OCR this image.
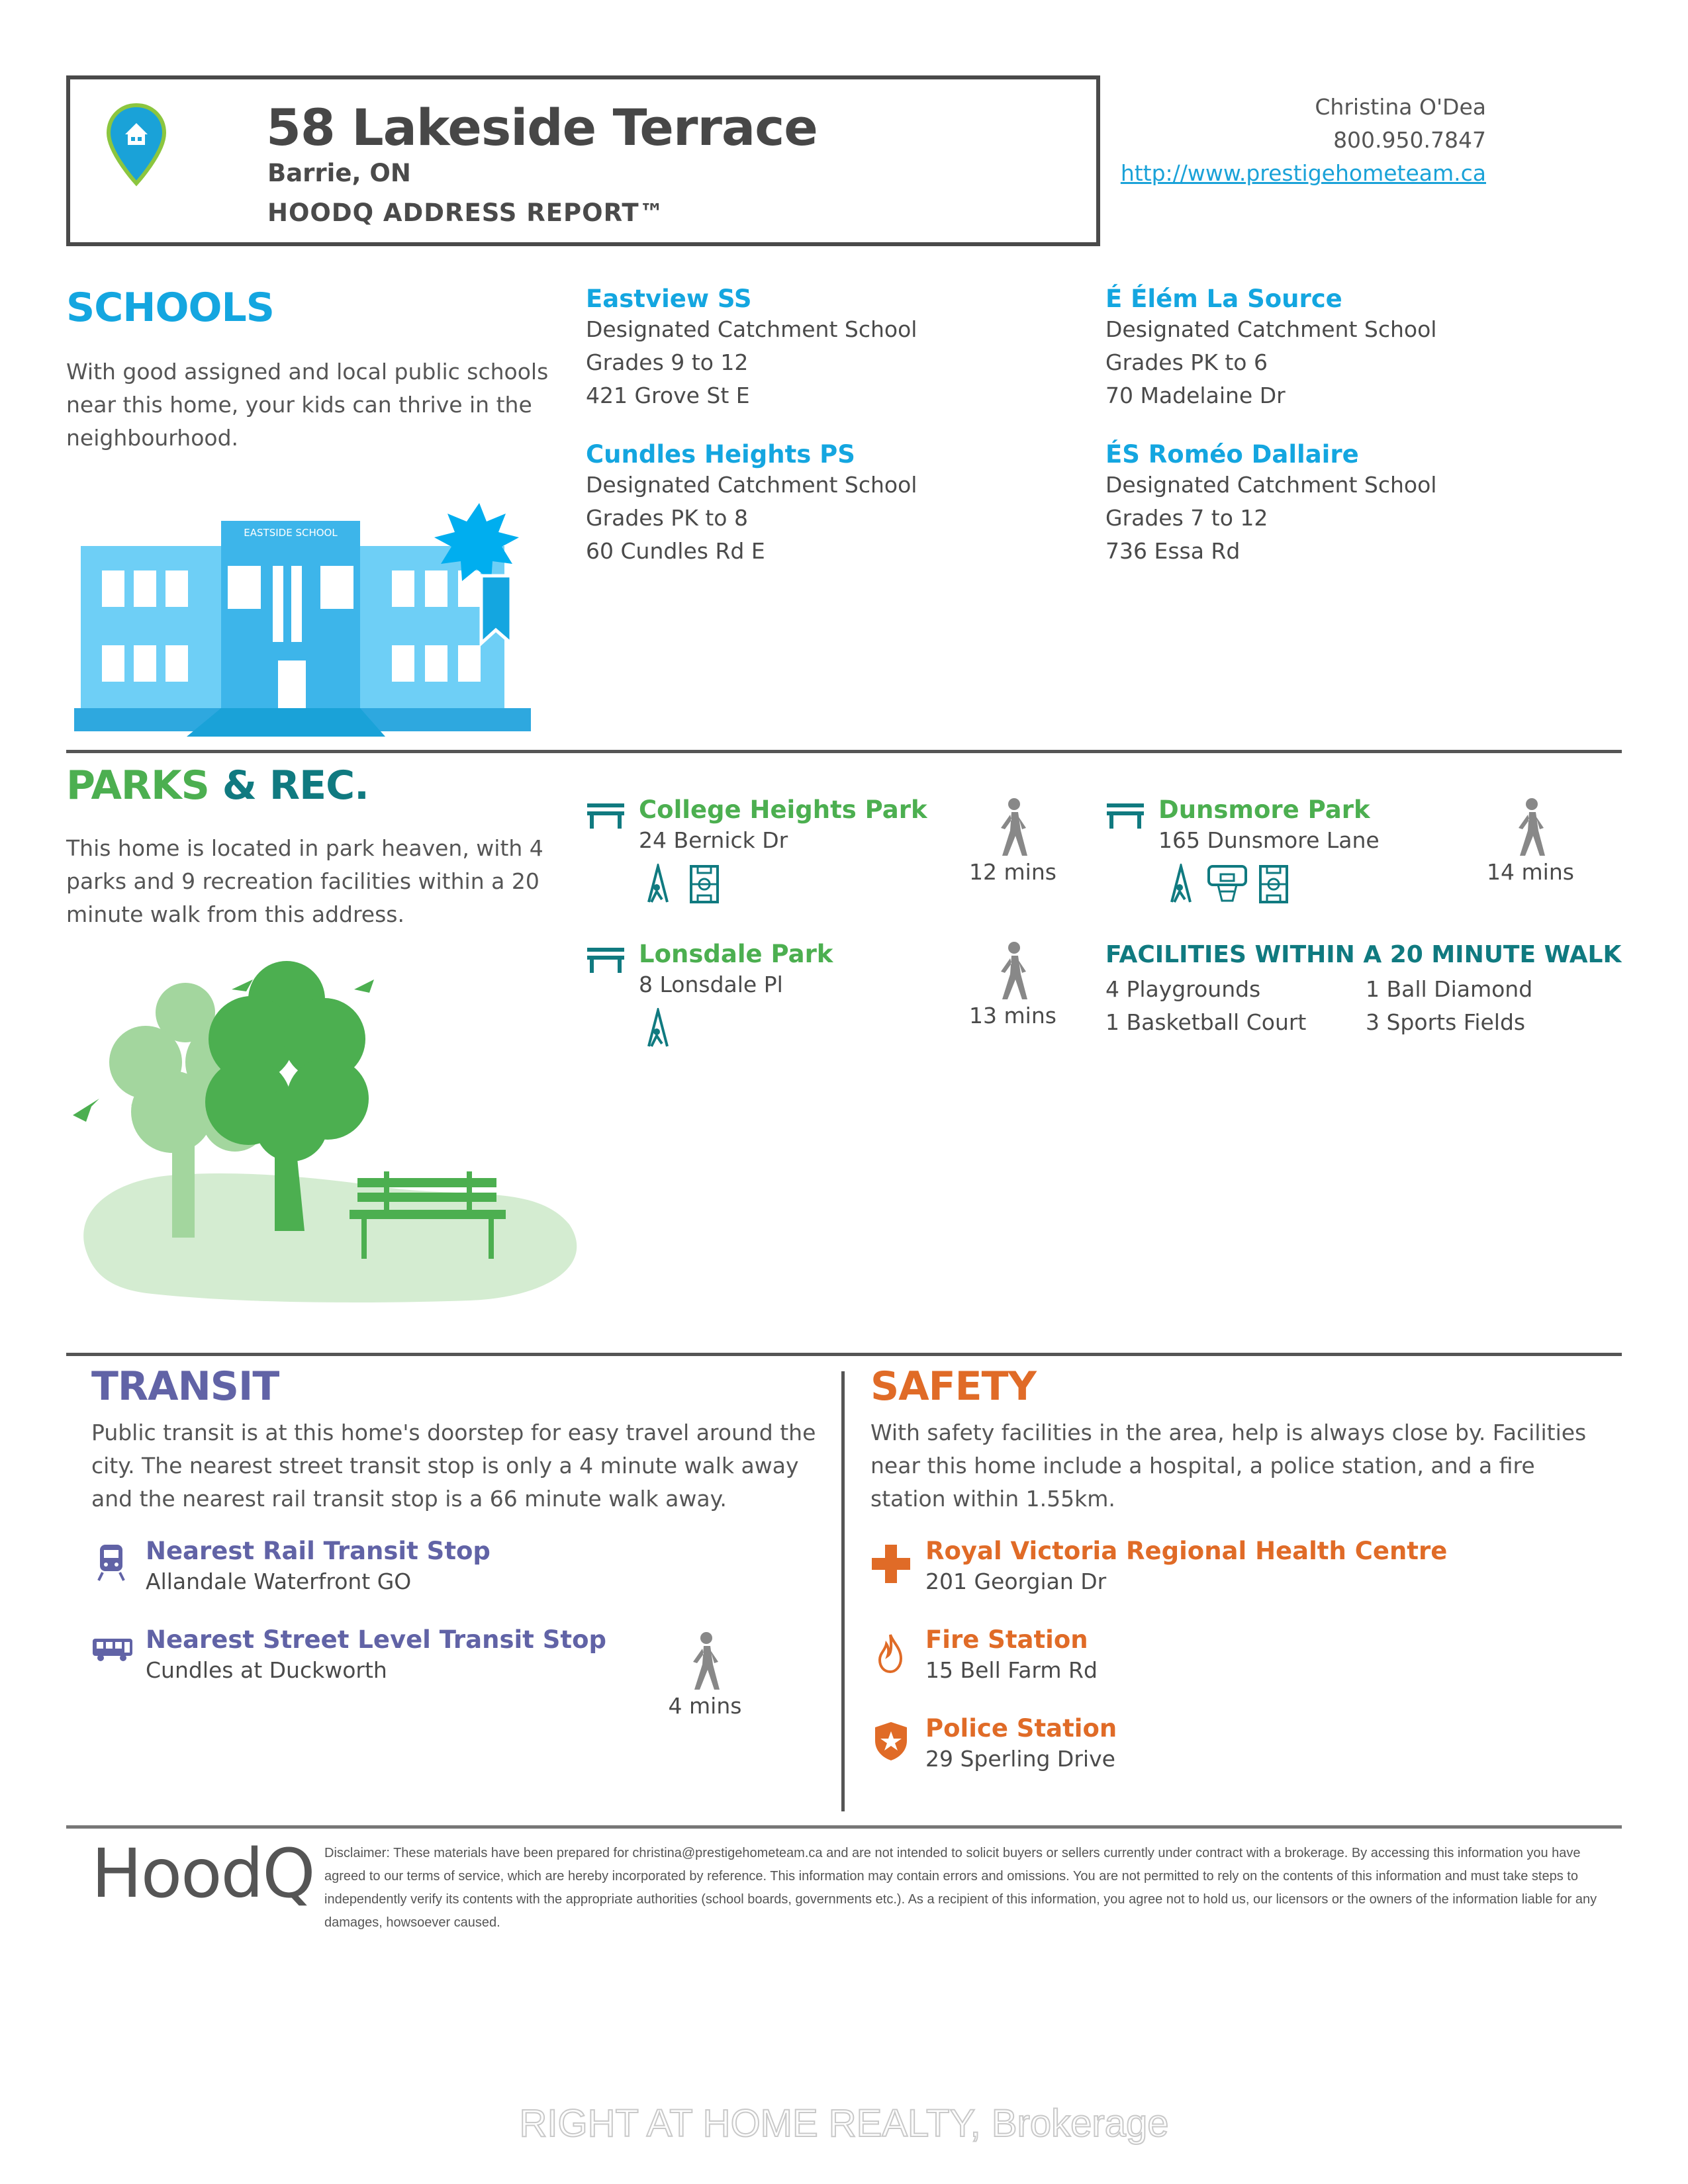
58 Lakeside Terrace
Barrie, ON
HOODQ ADDRESS REPORT™
Christina O'Dea
800.950.7847
http://www.prestigehometeam.ca
SCHOOLS
With good assigned and local public schools near this home, your kids can thrive in the neighbourhood.
EASTSIDE SCHOOL
Eastview SS
Designated Catchment School
Grades 9 to 12
421 Grove St E
É Élém La Source
Designated Catchment School
Grades PK to 6
70 Madelaine Dr
Cundles Heights PS
Designated Catchment School
Grades PK to 8
60 Cundles Rd E
ÉS Roméo Dallaire
Designated Catchment School
Grades 7 to 12
736 Essa Rd
PARKS & REC.
This home is located in park heaven, with 4 parks and 9 recreation facilities within a 20 minute walk from this address.
College Heights Park
24 Bernick Dr
12 mins
Dunsmore Park
165 Dunsmore Lane
14 mins
Lonsdale Park
8 Lonsdale Pl
13 mins
FACILITIES WITHIN A 20 MINUTE WALK
4 Playgrounds	1 Ball Diamond
1 Basketball Court	3 Sports Fields
TRANSIT
Public transit is at this home's doorstep for easy travel around the city. The nearest street transit stop is only a 4 minute walk away and the nearest rail transit stop is a 66 minute walk away.
Nearest Rail Transit Stop
Allandale Waterfront GO
Nearest Street Level Transit Stop
Cundles at Duckworth
4 mins
SAFETY
With safety facilities in the area, help is always close by. Facilities near this home include a hospital, a police station, and a fire station within 1.55km.
Royal Victoria Regional Health Centre
201 Georgian Dr
Fire Station
15 Bell Farm Rd
Police Station
29 Sperling Drive
HoodQ Disclaimer: These materials have been prepared for christina@prestigehometeam.ca and are not intended to solicit buyers or sellers currently under contract with a brokerage. By accessing this information you have agreed to our terms of service, which are hereby incorporated by reference. This information may contain errors and omissions. You are not permitted to rely on the contents of this information and must take steps to independently verify its contents with the appropriate authorities (school boards, governments etc.). As a recipient of this information, you agree not to hold us, our licensors or the owners of the information liable for any damages, howsoever caused.
RIGHT AT HOME REALTY, Brokerage
